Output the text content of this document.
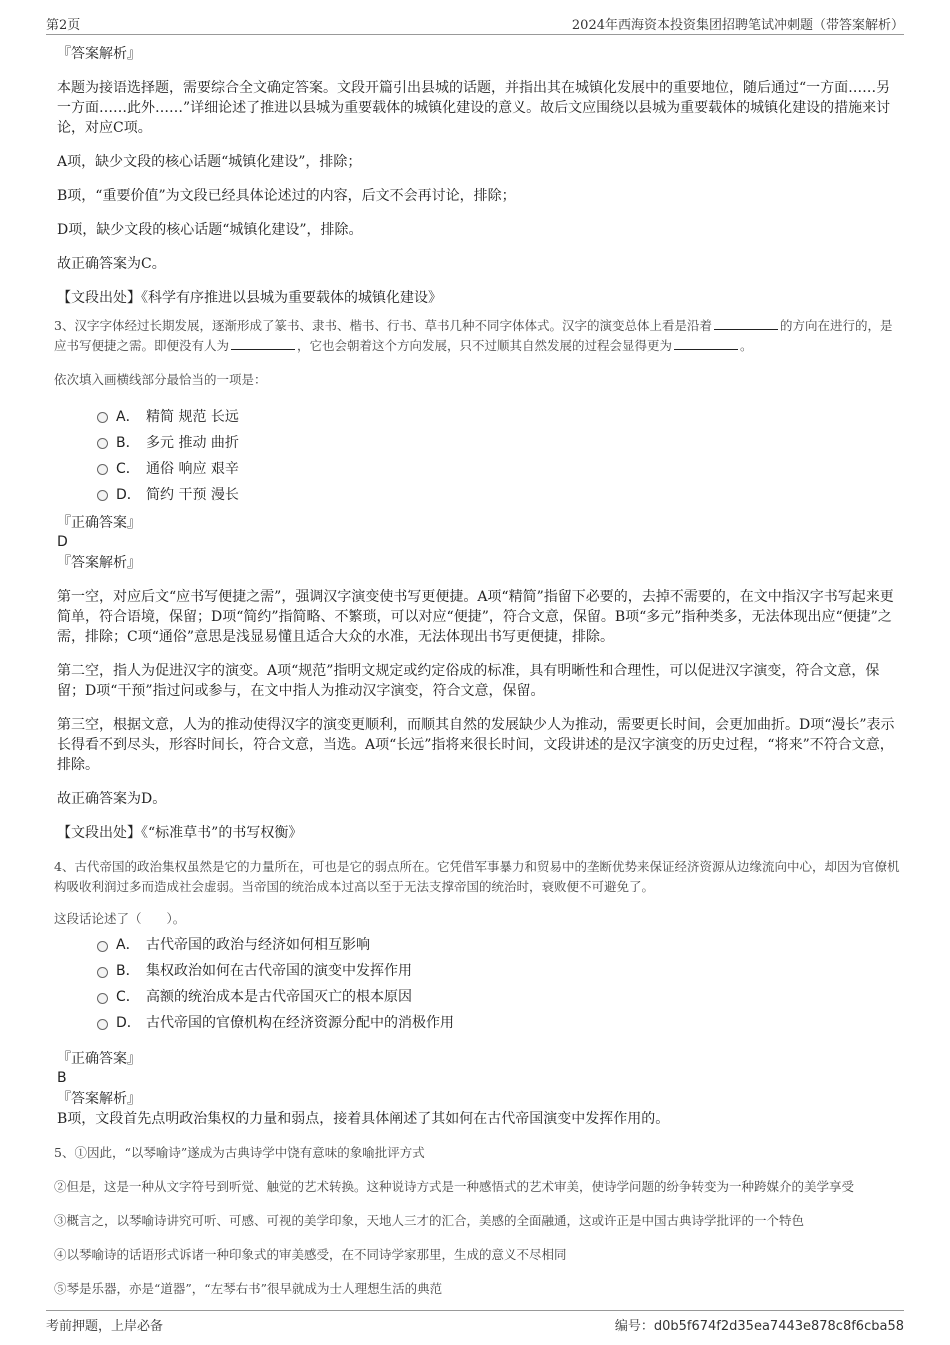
第2页	2024年西海资本投资集团招聘笔试冲刺题（带答案解析）
『答案解析』

本题为接语选择题，需要综合全文确定答案。文段开篇引出县城的话题，并指出其在城镇化发展中的重要地位，随后通过“一方面……另一方面……此外……”详细论述了推进以县城为重要载体的城镇化建设的意义。故后文应围绕以县城为重要载体的城镇化建设的措施来讨论，对应C项。

A项，缺少文段的核心话题“城镇化建设”，排除；

B项，“重要价值”为文段已经具体论述过的内容，后文不会再讨论，排除；

D项，缺少文段的核心话题“城镇化建设”，排除。

故正确答案为C。

【文段出处】《科学有序推进以县城为重要载体的城镇化建设》

3、汉字字体经过长期发展，逐渐形成了篆书、隶书、楷书、行书、草书几种不同字体体式。汉字的演变总体上看是沿着	的方向在进行的，是应书写便捷之需。即便没有人为	，它也会朝着这个方向发展，只不过顺其自然发展的过程会显得更为	。

依次填入画横线部分最恰当的一项是：

A． 精简 规范 长远
B． 多元 推动 曲折
C． 通俗 响应 艰辛
D． 简约 干预 漫长
『正确答案』
D
『答案解析』

第一空，对应后文“应书写便捷之需”，强调汉字演变使书写更便捷。A项“精简”指留下必要的，去掉不需要的，在文中指汉字书写起来更简单，符合语境，保留；D项“简约”指简略、不繁琐，可以对应“便捷”，符合文意，保留。B项“多元”指种类多，无法体现出应“便捷”之需，排除；C项“通俗”意思是浅显易懂且适合大众的水准，无法体现出书写更便捷，排除。

第二空，指人为促进汉字的演变。A项“规范”指明文规定或约定俗成的标准，具有明晰性和合理性，可以促进汉字演变，符合文意，保留；D项“干预”指过问或参与，在文中指人为推动汉字演变，符合文意，保留。

第三空，根据文意，人为的推动使得汉字的演变更顺利，而顺其自然的发展缺少人为推动，需要更长时间，会更加曲折。D项“漫长”表示长得看不到尽头，形容时间长，符合文意，当选。A项“长远”指将来很长时间，文段讲述的是汉字演变的历史过程，“将来”不符合文意，排除。

故正确答案为D。

【文段出处】《“标准草书”的书写权衡》

4、古代帝国的政治集权虽然是它的力量所在，可也是它的弱点所在。它凭借军事暴力和贸易中的垄断优势来保证经济资源从边缘流向中心，却因为官僚机构吸收利润过多而造成社会虚弱。当帝国的统治成本过高以至于无法支撑帝国的统治时，衰败便不可避免了。

这段话论述了（　　）。

A． 古代帝国的政治与经济如何相互影响
B． 集权政治如何在古代帝国的演变中发挥作用
C． 高额的统治成本是古代帝国灭亡的根本原因
D． 古代帝国的官僚机构在经济资源分配中的消极作用
『正确答案』
B
『答案解析』

B项，文段首先点明政治集权的力量和弱点，接着具体阐述了其如何在古代帝国演变中发挥作用的。

5、①因此，“以琴喻诗”遂成为古典诗学中饶有意味的象喻批评方式

②但是，这是一种从文字符号到听觉、触觉的艺术转换。这种说诗方式是一种感悟式的艺术审美，使诗学问题的纷争转变为一种跨媒介的美学享受

③概言之，以琴喻诗讲究可听、可感、可视的美学印象，天地人三才的汇合，美感的全面融通，这或许正是中国古典诗学批评的一个特色

④以琴喻诗的话语形式诉诸一种印象式的审美感受，在不同诗学家那里，生成的意义不尽相同

⑤琴是乐器，亦是“道器”，“左琴右书”很早就成为士人理想生活的典范

考前押题，上岸必备	编号：d0b5f674f2d35ea7443e878c8f6cba58
